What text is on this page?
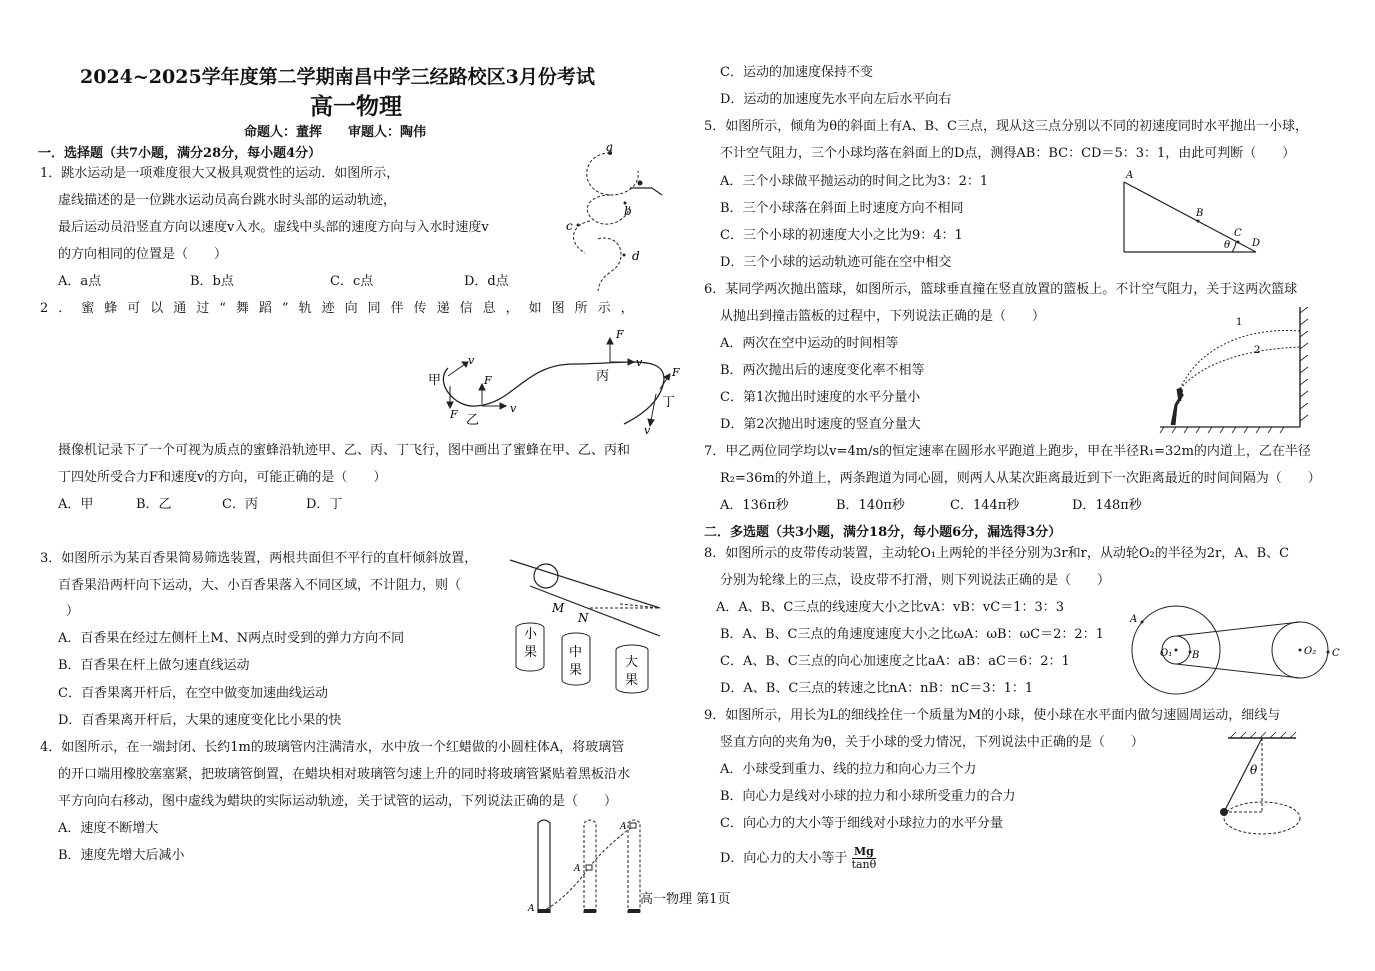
2024~2025学年度第二学期南昌中学三经路校区3月份考试
高一物理
命题人：董挥　　审题人：陶伟
一．选择题（共7小题，满分28分，每小题4分）
1．跳水运动是一项难度很大又极具观赏性的运动．如图所示，
虚线描述的是一位跳水运动员高台跳水时头部的运动轨迹，
最后运动员沿竖直方向以速度v入水。虚线中头部的速度方向与入水时速度v
的方向相同的位置是（　　）
A．a点	B．b点	C．c点	D．d点
a
b
c
d
2．蜜蜂可以通过“舞蹈”轨迹向同伴传递信息，如图所示，
甲
乙
丙
丁
v
F
F
v
F
v
F
v
摄像机记录下了一个可视为质点的蜜蜂沿轨迹甲、乙、丙、丁飞行，图中画出了蜜蜂在甲、乙、丙和
丁四处所受合力F和速度v的方向，可能正确的是（　　）
A．甲	B．乙	C．丙	D．丁
3．如图所示为某百香果简易筛选装置，两根共面但不平行的直杆倾斜放置，
百香果沿两杆向下运动，大、小百香果落入不同区域，不计阻力，则（
）
A．百香果在经过左侧杆上M、N两点时受到的弹力方向不同
B．百香果在杆上做匀速直线运动
C．百香果离开杆后，在空中做变加速曲线运动
D．百香果离开杆后，大果的速度变化比小果的快
M
N
小
果 中
果
大
果
4．如图所示，在一端封闭、长约1m的玻璃管内注满清水，水中放一个红蜡做的小圆柱体A，将玻璃管
的开口端用橡胶塞塞紧，把玻璃管倒置，在蜡块相对玻璃管匀速上升的同时将玻璃管紧贴着黑板沿水
平方向向右移动，图中虚线为蜡块的实际运动轨迹，关于试管的运动，下列说法正确的是（　　）
A．速度不断增大
B．速度先增大后减小
A
A
A
C．运动的加速度保持不变
D．运动的加速度先水平向左后水平向右
5．如图所示，倾角为θ的斜面上有A、B、C三点，现从这三点分别以不同的初速度同时水平抛出一小球，
不计空气阻力，三个小球均落在斜面上的D点，测得AB：BC：CD＝5：3：1，由此可判断（　　）
A．三个小球做平抛运动的时间之比为3：2：1
B．三个小球落在斜面上时速度方向不相同
C．三个小球的初速度大小之比为9：4：1
D．三个小球的运动轨迹可能在空中相交
A
B
C
D
θ
6．某同学两次抛出篮球，如图所示，篮球垂直撞在竖直放置的篮板上。不计空气阻力，关于这两次篮球
从抛出到撞击篮板的过程中，下列说法正确的是（　　）
A．两次在空中运动的时间相等
B．两次抛出后的速度变化率不相等
C．第1次抛出时速度的水平分量小
D．第2次抛出时速度的竖直分量大
1
2
7．甲乙两位同学均以v=4m/s的恒定速率在圆形水平跑道上跑步，甲在半径R₁=32m的内道上，乙在半径
R₂=36m的外道上，两条跑道为同心圆，则两人从某次距离最近到下一次距离最近的时间间隔为（　　）
A．136π秒	B．140π秒	C．144π秒	D．148π秒
二．多选题（共3小题，满分18分，每小题6分，漏选得3分）
8．如图所示的皮带传动装置，主动轮O₁上两轮的半径分别为3r和r，从动轮O₂的半径为2r，A、B、C
分别为轮缘上的三点，设皮带不打滑，则下列说法正确的是（　　）
A．A、B、C三点的线速度大小之比vA：vB：vC＝1：3：3
B．A、B、C三点的角速度速度大小之比ωA：ωB：ωC＝2：2：1
C．A、B、C三点的向心加速度之比aA：aB：aC＝6：2：1
D．A、B、C三点的转速之比nA：nB：nC＝3：1：1
A
O₁ B	O₂ C
9．如图所示，用长为L的细线拴住一个质量为M的小球，使小球在水平面内做匀速圆周运动，细线与
竖直方向的夹角为θ，关于小球的受力情况，下列说法中正确的是（　　）
A．小球受到重力、线的拉力和向心力三个力
B．向心力是线对小球的拉力和小球所受重力的合力
C．向心力的大小等于细线对小球拉力的水平分量
D．向心力的大小等于 $\frac{Mg}{\tan\theta}$
θ
高一物理 第1页
